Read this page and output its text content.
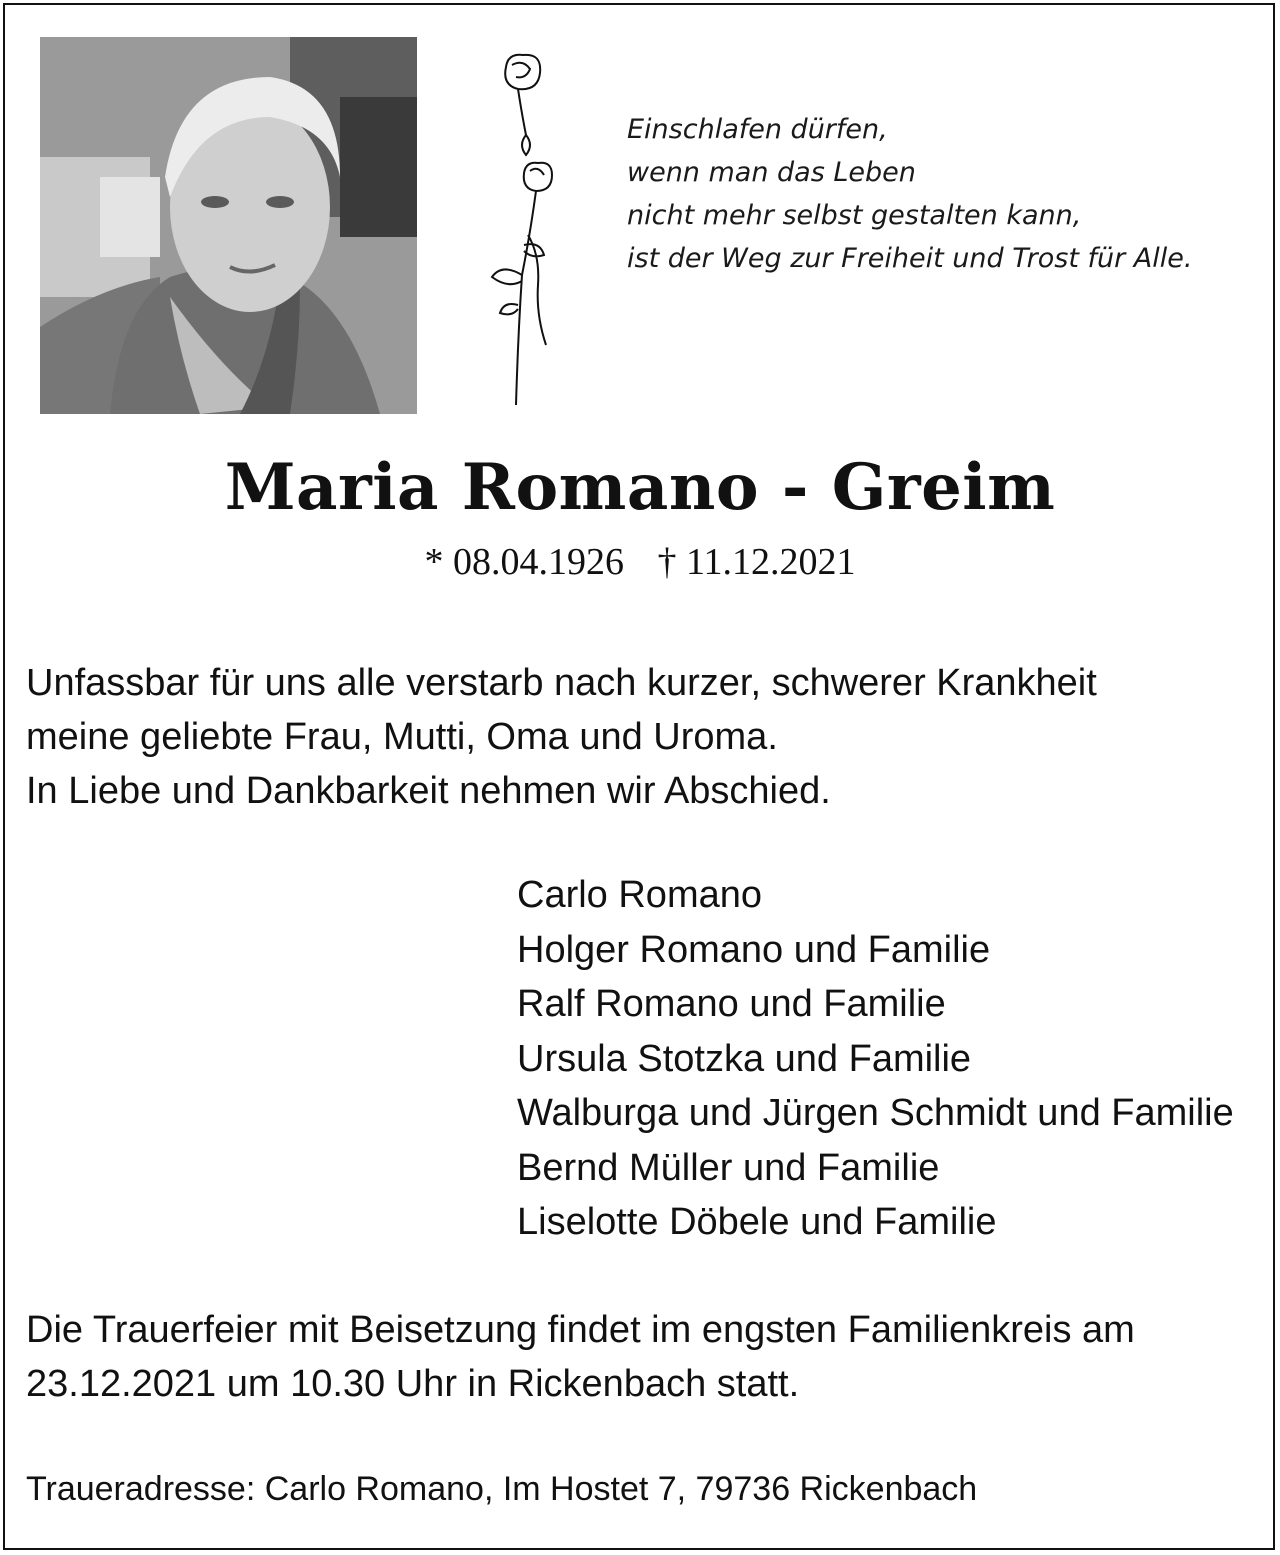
Einschlafen dürfen,
wenn man das Leben
nicht mehr selbst gestalten kann,
ist der Weg zur Freiheit und Trost für Alle.
Maria Romano - Greim
* 08.04.1926 † 11.12.2021
Unfassbar für uns alle verstarb nach kurzer, schwerer Krankheit
meine geliebte Frau, Mutti, Oma und Uroma.
In Liebe und Dankbarkeit nehmen wir Abschied.
Carlo Romano
Holger Romano und Familie
Ralf Romano und Familie
Ursula Stotzka und Familie
Walburga und Jürgen Schmidt und Familie
Bernd Müller und Familie
Liselotte Döbele und Familie
Die Trauerfeier mit Beisetzung findet im engsten Familienkreis am
23.12.2021 um 10.30 Uhr in Rickenbach statt.
Traueradresse: Carlo Romano, Im Hostet 7, 79736 Rickenbach
